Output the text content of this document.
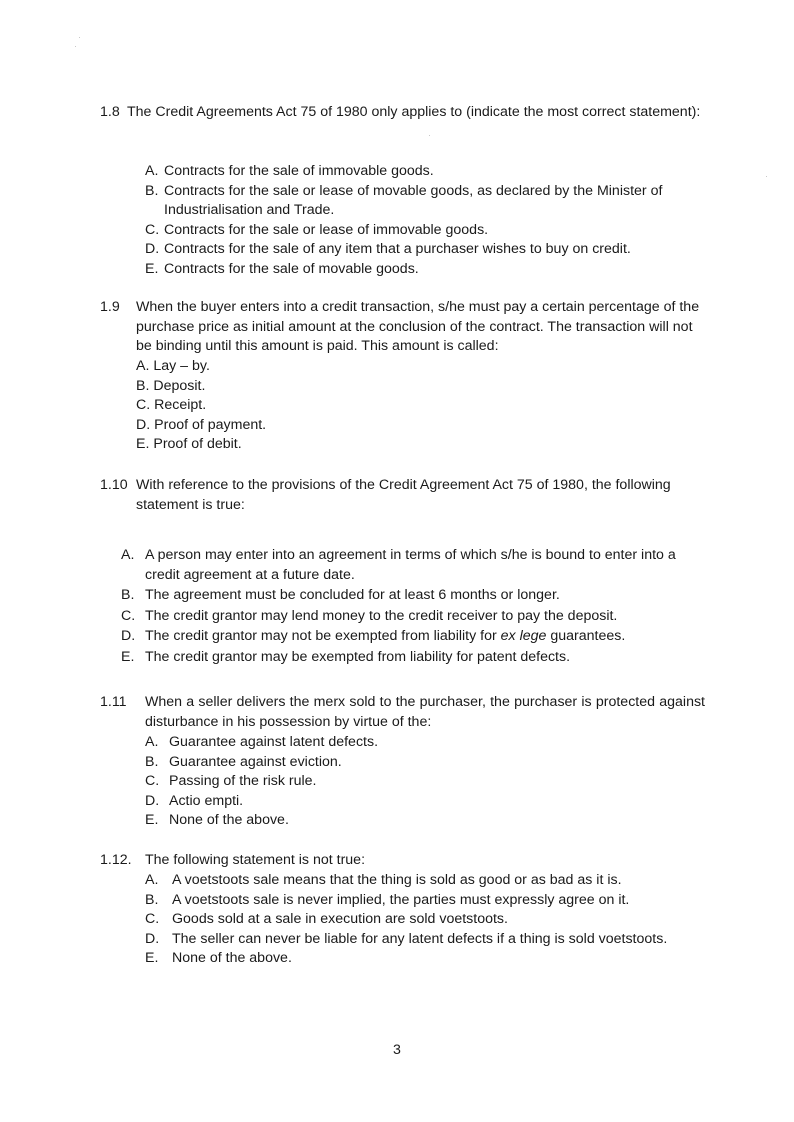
1.8 The Credit Agreements Act 75 of 1980 only applies to (indicate the most correct statement):
A. Contracts for the sale of immovable goods.
B. Contracts for the sale or lease of movable goods, as declared by the Minister of Industrialisation and Trade.
C. Contracts for the sale or lease of immovable goods.
D. Contracts for the sale of any item that a purchaser wishes to buy on credit.
E. Contracts for the sale of movable goods.
1.9 When the buyer enters into a credit transaction, s/he must pay a certain percentage of the purchase price as initial amount at the conclusion of the contract. The transaction will not be binding until this amount is paid. This amount is called:
A. Lay – by.
B. Deposit.
C. Receipt.
D. Proof of payment.
E. Proof of debit.
1.10 With reference to the provisions of the Credit Agreement Act 75 of 1980, the following statement is true:
A. A person may enter into an agreement in terms of which s/he is bound to enter into a credit agreement at a future date.
B. The agreement must be concluded for at least 6 months or longer.
C. The credit grantor may lend money to the credit receiver to pay the deposit.
D. The credit grantor may not be exempted from liability for ex lege guarantees.
E. The credit grantor may be exempted from liability for patent defects.
1.11 When a seller delivers the merx sold to the purchaser, the purchaser is protected against disturbance in his possession by virtue of the:
A. Guarantee against latent defects.
B. Guarantee against eviction.
C. Passing of the risk rule.
D. Actio empti.
E. None of the above.
1.12. The following statement is not true:
A. A voetstoots sale means that the thing is sold as good or as bad as it is.
B. A voetstoots sale is never implied, the parties must expressly agree on it.
C. Goods sold at a sale in execution are sold voetstoots.
D. The seller can never be liable for any latent defects if a thing is sold voetstoots.
E. None of the above.
3
